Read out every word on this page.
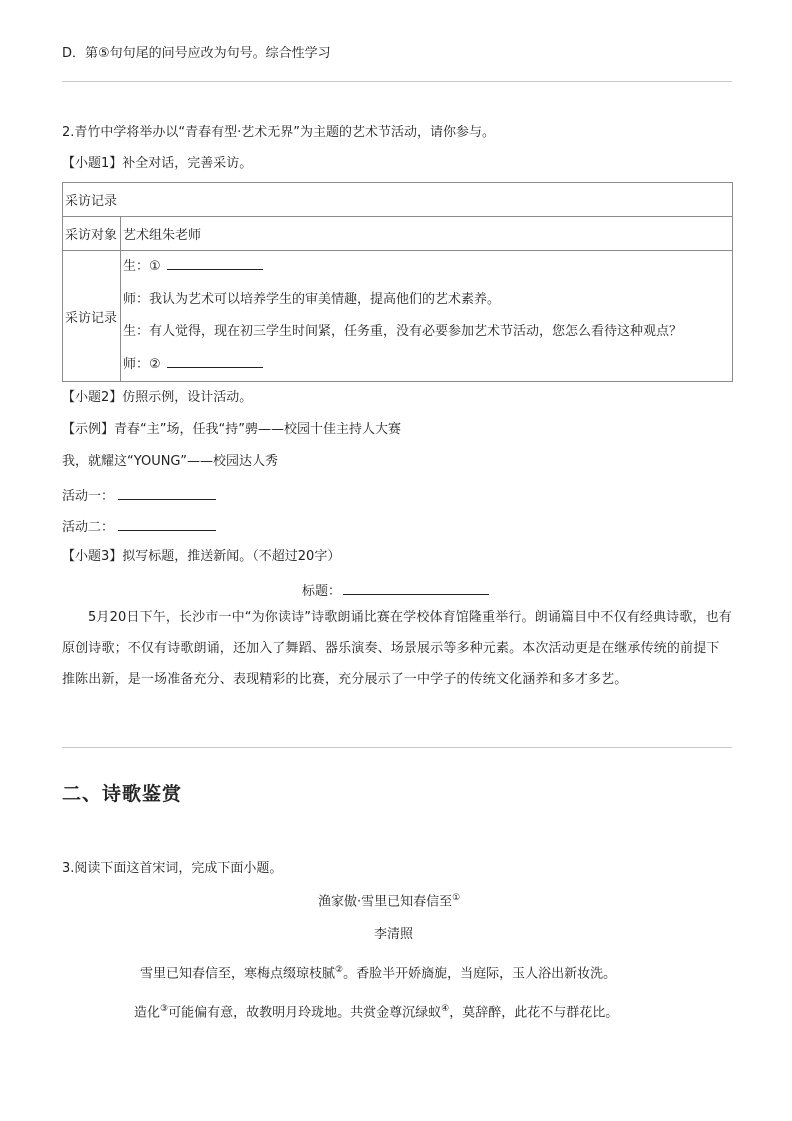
D．第⑤句句尾的问号应改为句号。综合性学习
2.青竹中学将举办以“青春有型·艺术无界”为主题的艺术节活动，请你参与。
【小题1】补全对话，完善采访。
采访记录	
采访对象	艺术组朱老师
采访记录	生：①
师：我认为艺术可以培养学生的审美情趣，提高他们的艺术素养。
生：有人觉得，现在初三学生时间紧，任务重，没有必要参加艺术节活动，您怎么看待这种观点？
师：②
【小题2】仿照示例，设计活动。
【示例】青春“主”场，任我“持”骋——校园十佳主持人大赛
我，就耀这“YOUNG”——校园达人秀
活动一：
活动二：
【小题3】拟写标题，推送新闻。（不超过20字）
标题：
5月20日下午，长沙市一中“为你读诗”诗歌朗诵比赛在学校体育馆隆重举行。朗诵篇目中不仅有经典诗歌，也有原创诗歌；不仅有诗歌朗诵，还加入了舞蹈、器乐演奏、场景展示等多种元素。本次活动更是在继承传统的前提下推陈出新，是一场准备充分、表现精彩的比赛，充分展示了一中学子的传统文化涵养和多才多艺。
二、诗歌鉴赏
3.阅读下面这首宋词，完成下面小题。
渔家傲·雪里已知春信至①
李清照
雪里已知春信至，寒梅点缀琼枝腻②。香脸半开娇旖旎，当庭际，玉人浴出新妆洗。
造化③可能偏有意，故教明月玲珑地。共赏金尊沉绿蚁④，莫辞醉，此花不与群花比。
